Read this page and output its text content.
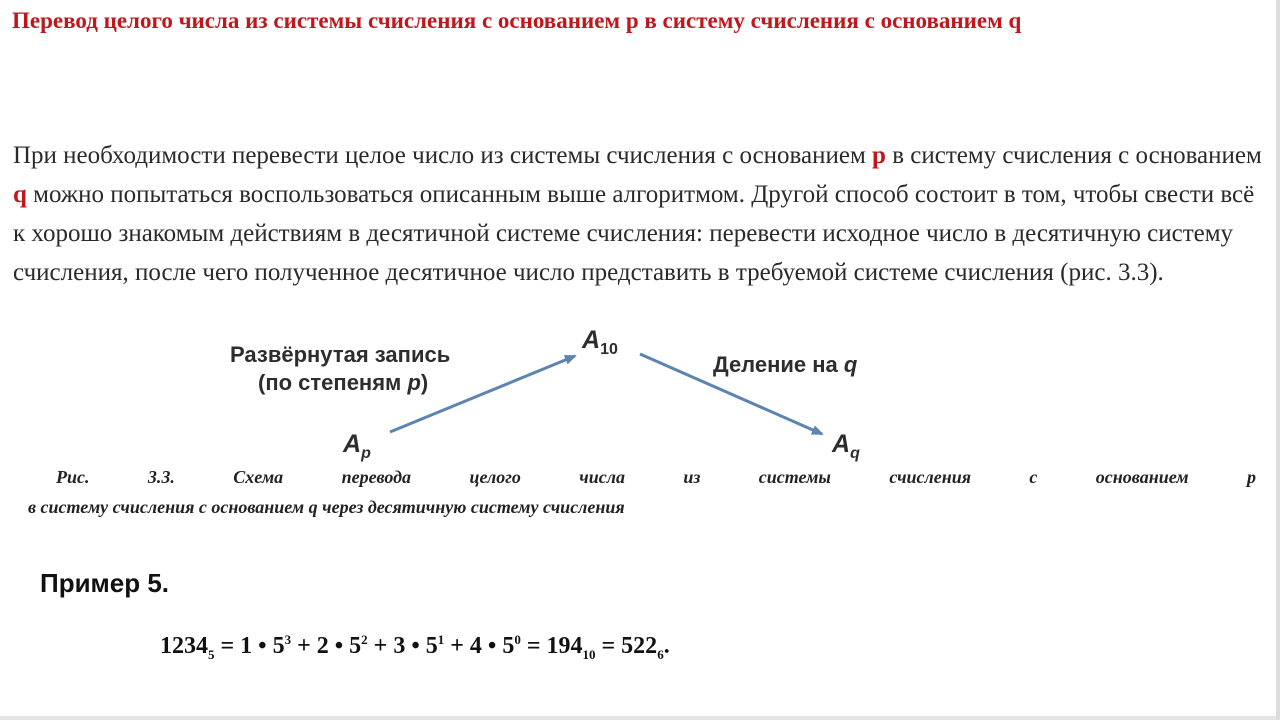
Перевод целого числа из системы счисления с основанием p в систему счисления с основанием q

При необходимости перевести целое число из системы счисления с основанием p в систему счисления с основанием q можно попытаться воспользоваться описанным выше алгоритмом. Другой способ состоит в том, чтобы свести всё к хорошо знакомым действиям в десятичной системе счисления: перевести исходное число в десятичную систему счисления, после чего полученное десятичное число представить в требуемой системе счисления (рис. 3.3).

Развёрнутая запись
(по степеням p)
Деление на q
$A_p$
$A_{10}$
$A_q$
Рис.	3.3.	Схема	перевода	целого	числа	из	системы	счисления	с	основанием	р
в систему счисления с основанием q через десятичную систему счисления
Пример 5.

$1234_5 = 1$ • $5^3 + 2$ • $5^2 + 3$ • $5^1 + 4$ • $5^0 = 194_{10} = 522_6$.
